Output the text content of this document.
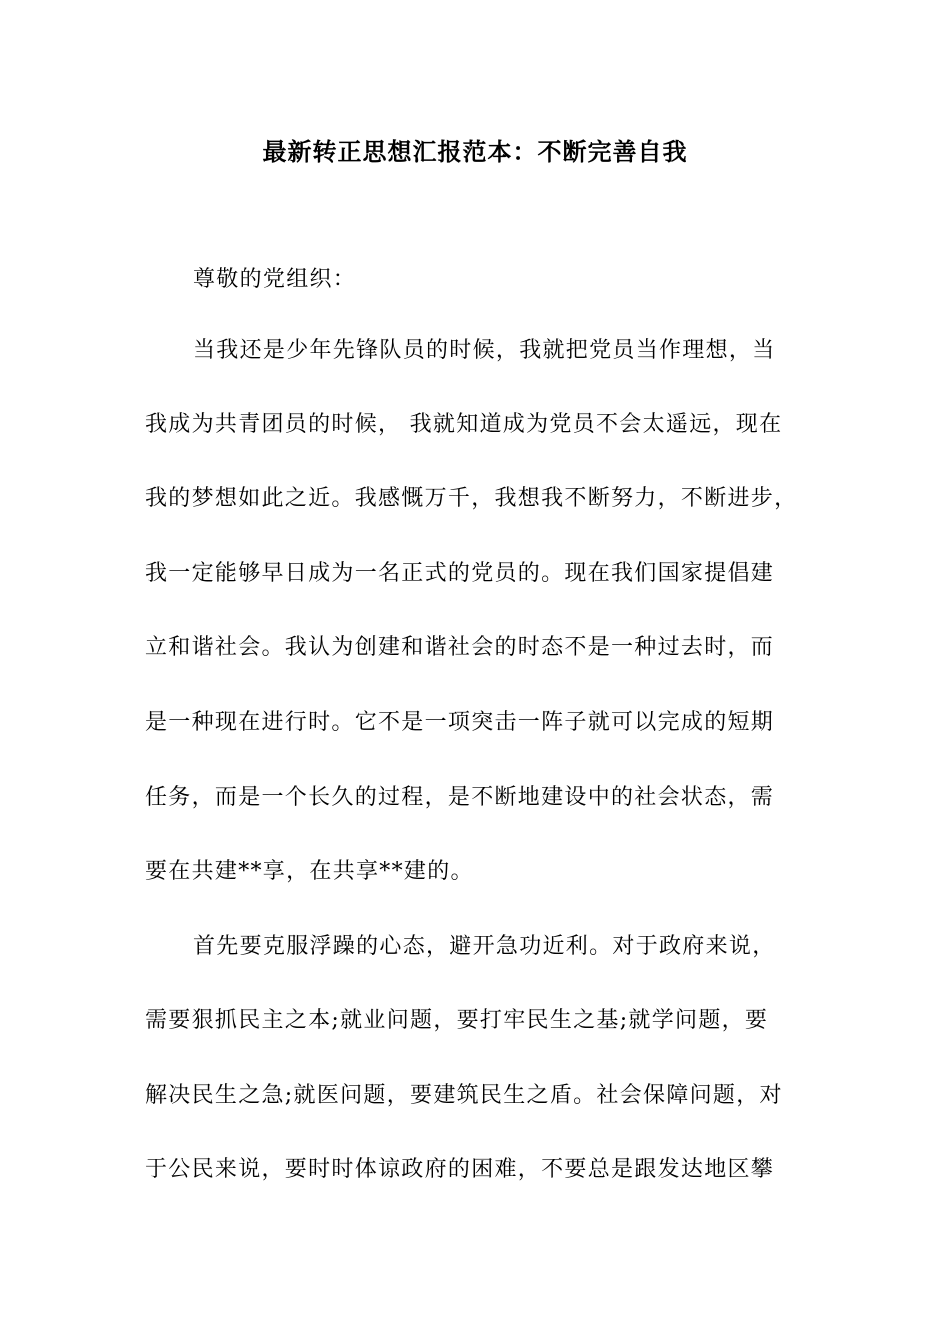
最新转正思想汇报范本：不断完善自我
尊敬的党组织：
当我还是少年先锋队员的时候，我就把党员当作理想，当
我成为共青团员的时候， 我就知道成为党员不会太遥远，现在
我的梦想如此之近。我感慨万千，我想我不断努力，不断进步，
我一定能够早日成为一名正式的党员的。现在我们国家提倡建
立和谐社会。我认为创建和谐社会的时态不是一种过去时，而
是一种现在进行时。它不是一项突击一阵子就可以完成的短期
任务，而是一个长久的过程，是不断地建设中的社会状态，需
要在共建**享，在共享**建的。
首先要克服浮躁的心态，避开急功近利。对于政府来说，
需要狠抓民主之本;就业问题，要打牢民生之基;就学问题，要
解决民生之急;就医问题，要建筑民生之盾。社会保障问题，对
于公民来说，要时时体谅政府的困难，不要总是跟发达地区攀
